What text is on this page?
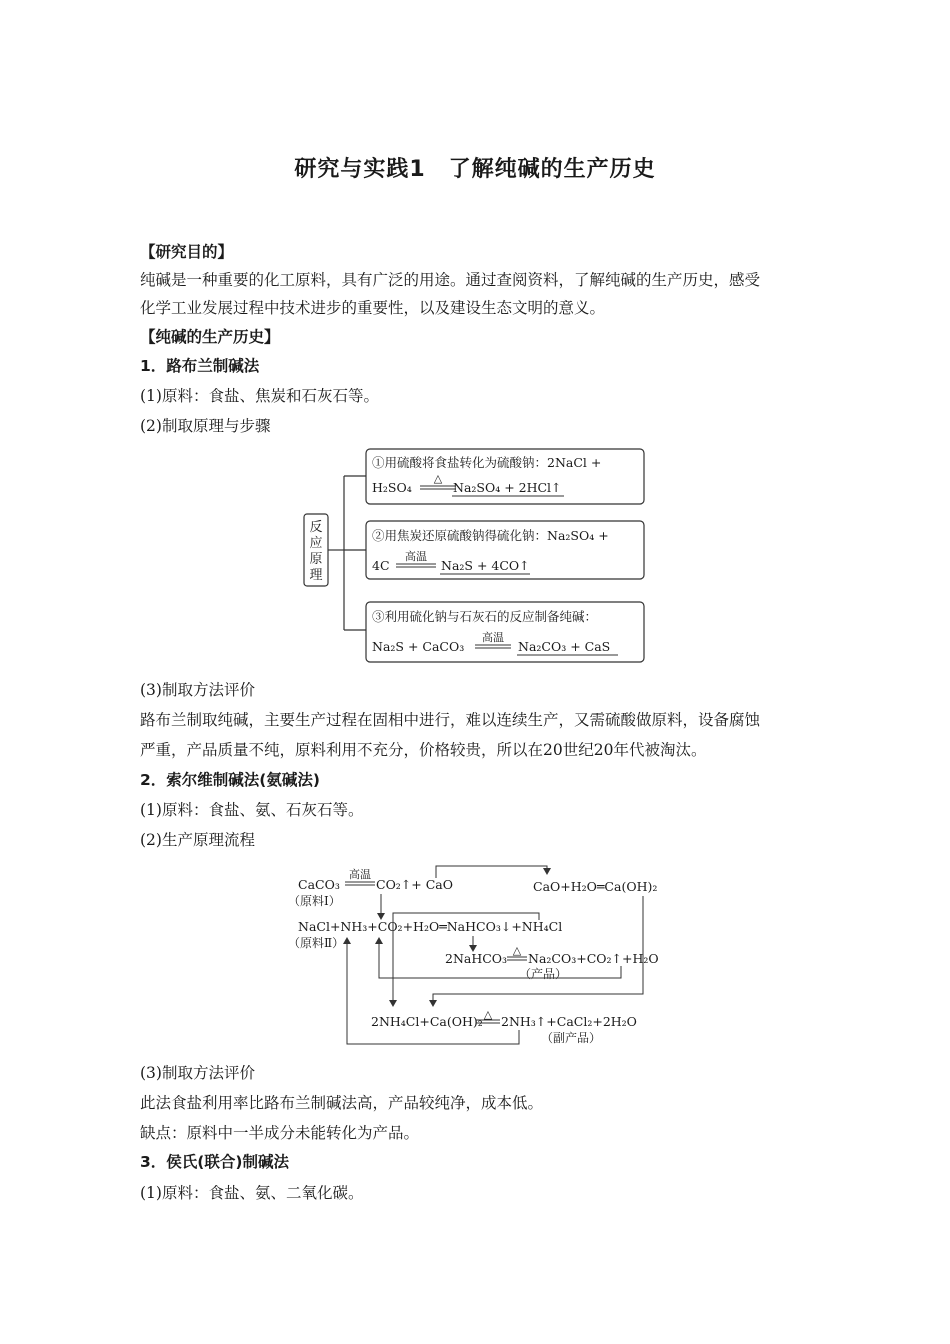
研究与实践1　了解纯碱的生产历史
【研究目的】
纯碱是一种重要的化工原料，具有广泛的用途。通过查阅资料，了解纯碱的生产历史，感受
化学工业发展过程中技术进步的重要性，以及建设生态文明的意义。
【纯碱的生产历史】
1．路布兰制碱法
(1)原料：食盐、焦炭和石灰石等。
(2)制取原理与步骤
反
应
原
理
①用硫酸将食盐转化为硫酸钠：2NaCl +
H₂SO₄
△
Na₂SO₄ + 2HCl↑
②用焦炭还原硫酸钠得硫化钠：Na₂SO₄ +
4C
高温
Na₂S + 4CO↑
③利用硫化钠与石灰石的反应制备纯碱：
Na₂S + CaCO₃
高温
Na₂CO₃ + CaS
(3)制取方法评价
路布兰制取纯碱，主要生产过程在固相中进行，难以连续生产，又需硫酸做原料，设备腐蚀
严重，产品质量不纯，原料利用不充分，价格较贵，所以在20世纪20年代被淘汰。
2．索尔维制碱法(氨碱法)
(1)原料：食盐、氨、石灰石等。
(2)生产原理流程
CaCO₃
高温
CO₂↑+ CaO
（原料Ⅰ）
CaO+H₂O═Ca(OH)₂
NaCl+NH₃+CO₂+H₂O═NaHCO₃↓+NH₄Cl
（原料Ⅱ）
2NaHCO₃
△
Na₂CO₃+CO₂↑+H₂O
（产品）
2NH₄Cl+Ca(OH)₂ △ 2NH₃↑+CaCl₂+2H₂O
（副产品）
(3)制取方法评价
此法食盐利用率比路布兰制碱法高，产品较纯净，成本低。
缺点：原料中一半成分未能转化为产品。
3．侯氏(联合)制碱法
(1)原料：食盐、氨、二氧化碳。
